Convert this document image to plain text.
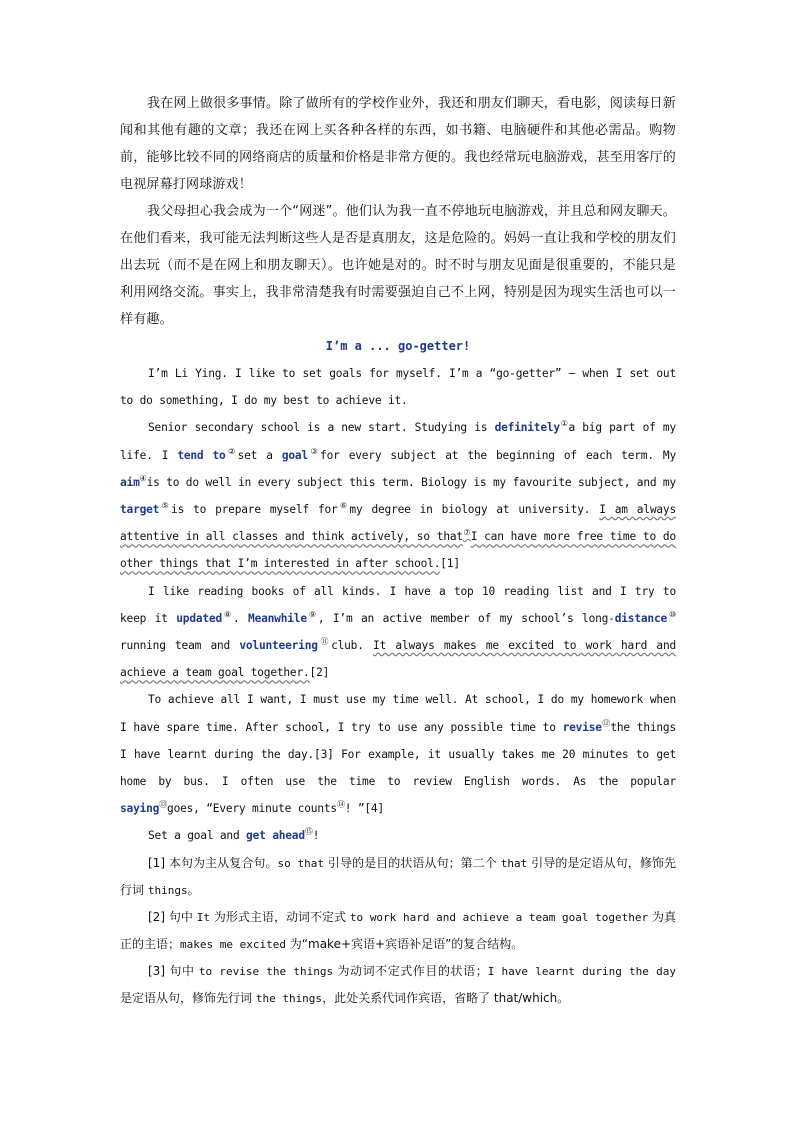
我在网上做很多事情。除了做所有的学校作业外，我还和朋友们聊天，看电影，阅读每日新闻和其他有趣的文章；我还在网上买各种各样的东西，如书籍、电脑硬件和其他必需品。购物前，能够比较不同的网络商店的质量和价格是非常方便的。我也经常玩电脑游戏，甚至用客厅的电视屏幕打网球游戏！

我父母担心我会成为一个“网迷”。他们认为我一直不停地玩电脑游戏，并且总和网友聊天。在他们看来，我可能无法判断这些人是否是真朋友，这是危险的。妈妈一直让我和学校的朋友们出去玩（而不是在网上和朋友聊天）。也许她是对的。时不时与朋友见面是很重要的，不能只是利用网络交流。事实上，我非常清楚我有时需要强迫自己不上网，特别是因为现实生活也可以一样有趣。

I’m a ... go-getter!

I’m Li Ying. I like to set goals for myself. I’m a “go-getter” — when I set out to do something, I do my best to achieve it.

Senior secondary school is a new start. Studying is definitely①a big part of my life. I tend to②set a goal③for every subject at the beginning of each term. My aim④is to do well in every subject this term. Biology is my favourite subject, and my target⑤is to prepare myself for⑥my degree in biology at university. I am always attentive in all classes and think actively, so that⑦I can have more free time to do other things that I’m interested in after school.[1]

I like reading books of all kinds. I have a top 10 reading list and I try to keep it updated⑧. Meanwhile⑨, I’m an active member of my school’s long-distance⑩ running team and volunteering⑪club. It always makes me excited to work hard and achieve a team goal together.[2]

To achieve all I want, I must use my time well. At school, I do my homework when I have spare time. After school, I try to use any possible time to revise⑫the things I have learnt during the day.[3] For example, it usually takes me 20 minutes to get home by bus. I often use the time to review English words. As the popular saying⑬goes, “Every minute counts⑭! ”[4]

Set a goal and get ahead⑮!

[1] 本句为主从复合句。so that 引导的是目的状语从句；第二个 that 引导的是定语从句，修饰先行词 things。

[2] 句中 It 为形式主语，动词不定式 to work hard and achieve a team goal together 为真正的主语；makes me excited 为“make+宾语+宾语补足语”的复合结构。

[3] 句中 to revise the things 为动词不定式作目的状语；I have learnt during the day 是定语从句，修饰先行词 the things，此处关系代词作宾语，省略了 that/which。
